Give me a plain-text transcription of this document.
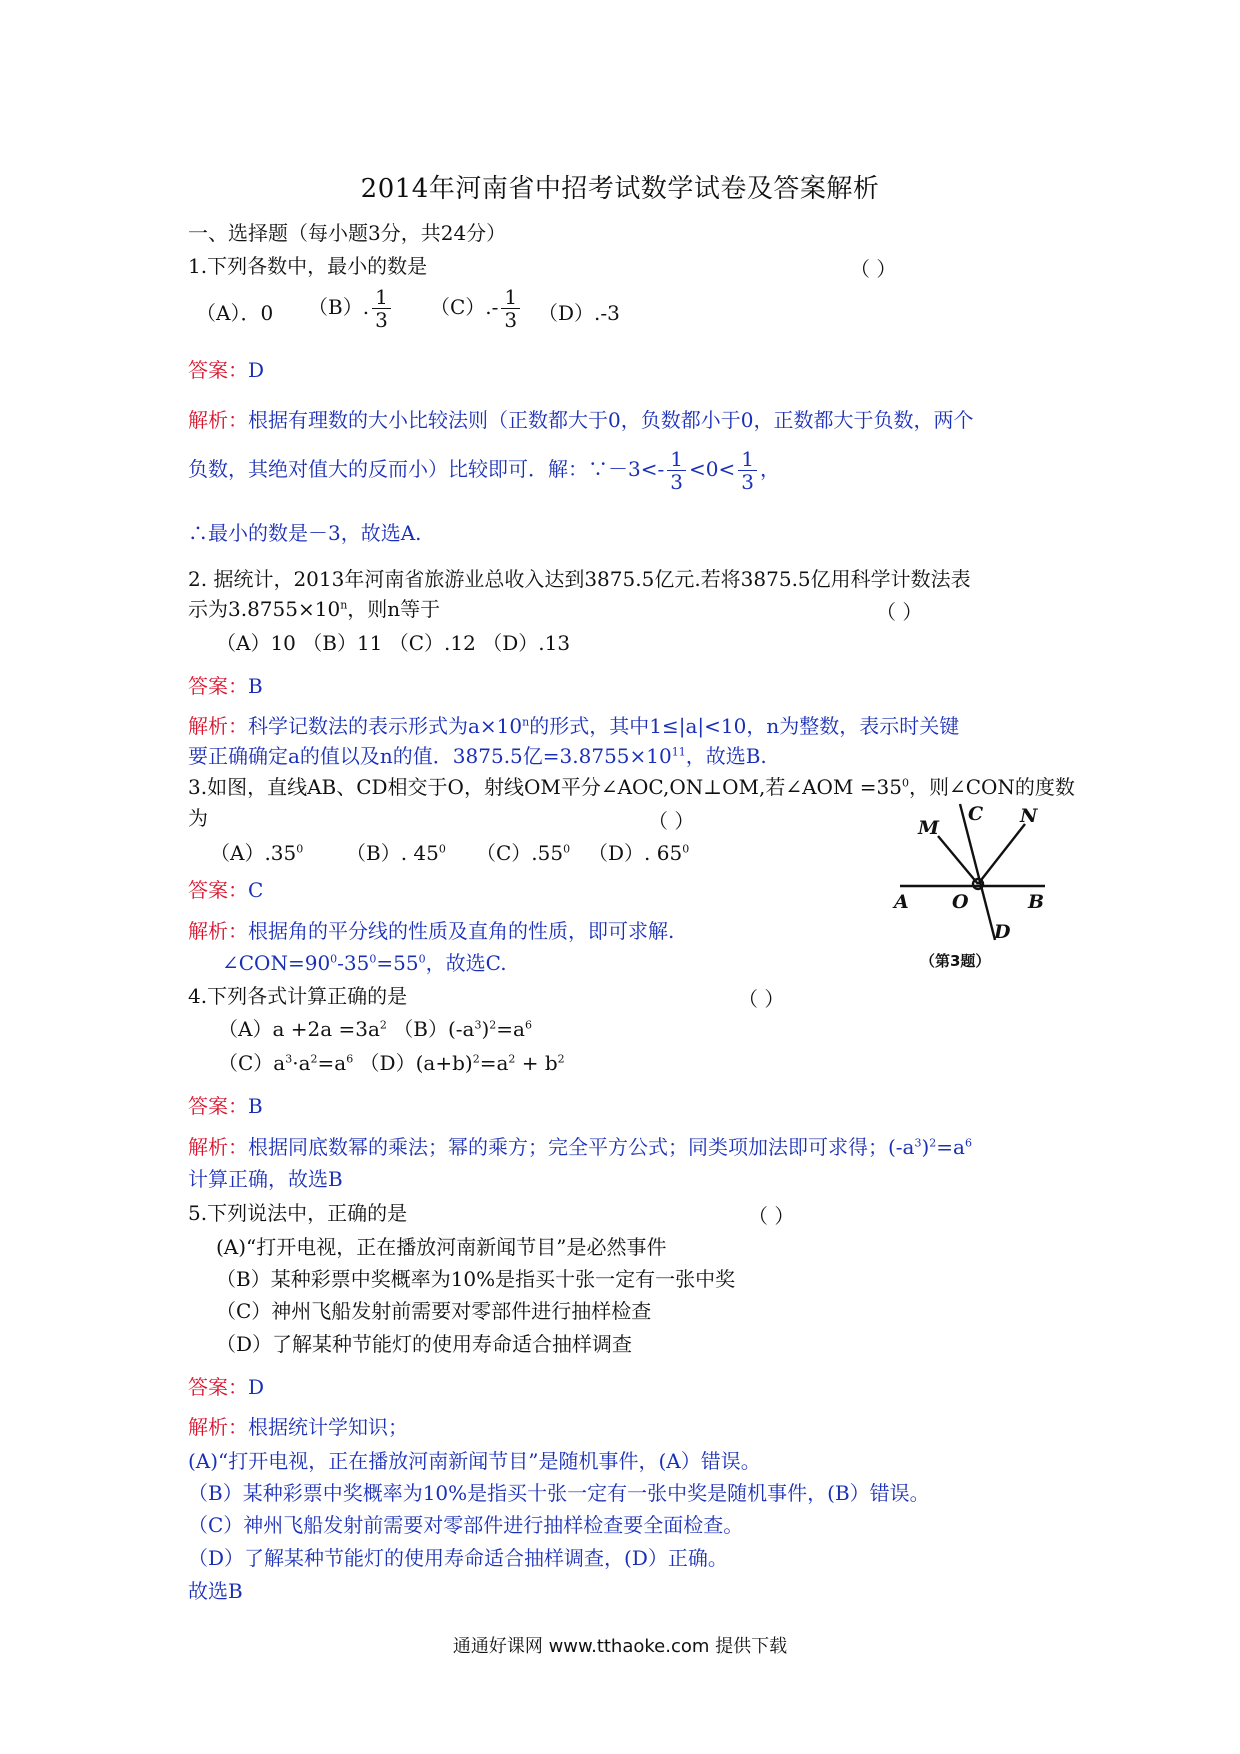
2014年河南省中招考试数学试卷及答案解析
一、选择题（每小题3分，共24分）
1.下列各数中，最小的数是	（ ）
（A）．0 （B）. $\frac{1}{3} (C).- \frac{1}{3} (D).-3$
答案：D
解析：根据有理数的大小比较法则（正数都大于0，负数都小于0，正数都大于负数，两个
负数，其绝对值大的反而小）比较即可．解：∵－3<- $\frac{1}{3} <0< \frac{1}{3}$ ，
∴最小的数是－3，故选A.
2. 据统计，2013年河南省旅游业总收入达到3875.5亿元.若将3875.5亿用科学计数法表
示为$3.8755\times 10^n$，则n等于	（ ）
（A）10 （B）11 （C）.12 （D）.13
答案：B
解析：科学记数法的表示形式为$a\times 10^n$的形式，其中1≤|a|<10，n为整数，表示时关键
要正确确定a的值以及n的值．3875.5亿$=3.8755\times 10^{11}$，故选B.
3.如图，直线AB、CD相交于O，射线OM平分∠AOC,ON⊥OM,若∠AOM $=35^0$，则∠CON的度数
为	（ ）
$(A).35^0$ （B）. $45^0$ $(C).55^0$ （D）. $65^0$
M
C N
A O	B
D
（第3题）
答案：C
解析：根据角的平分线的性质及直角的性质，即可求解.
$\angle CON=90^0-35^0=55^0$，故选C.
4.下列各式计算正确的是	（ ）
$(A)a +2a =3a^2$ $(B)(-a^3)^2=a^6$
$(C)a^3\cdot a^2=a^6$ $(D)(a+b)^2=a^2 + b^2$
答案：B
解析：根据同底数幂的乘法；幂的乘方；完全平方公式；同类项加法即可求得；$(-a^3)^2=a^6$
计算正确，故选B
5.下列说法中，正确的是	（ ）
(A)“打开电视，正在播放河南新闻节目”是必然事件
（B）某种彩票中奖概率为10%是指买十张一定有一张中奖
（C）神州飞船发射前需要对零部件进行抽样检查
（D）了解某种节能灯的使用寿命适合抽样调查
答案：D
解析：根据统计学知识；
(A)“打开电视，正在播放河南新闻节目”是随机事件，(A）错误。
（B）某种彩票中奖概率为10%是指买十张一定有一张中奖是随机事件，(B）错误。
（C）神州飞船发射前需要对零部件进行抽样检查要全面检查。
（D）了解某种节能灯的使用寿命适合抽样调查，(D）正确。
故选B
通通好课网 www.tthaoke.com 提供下载
